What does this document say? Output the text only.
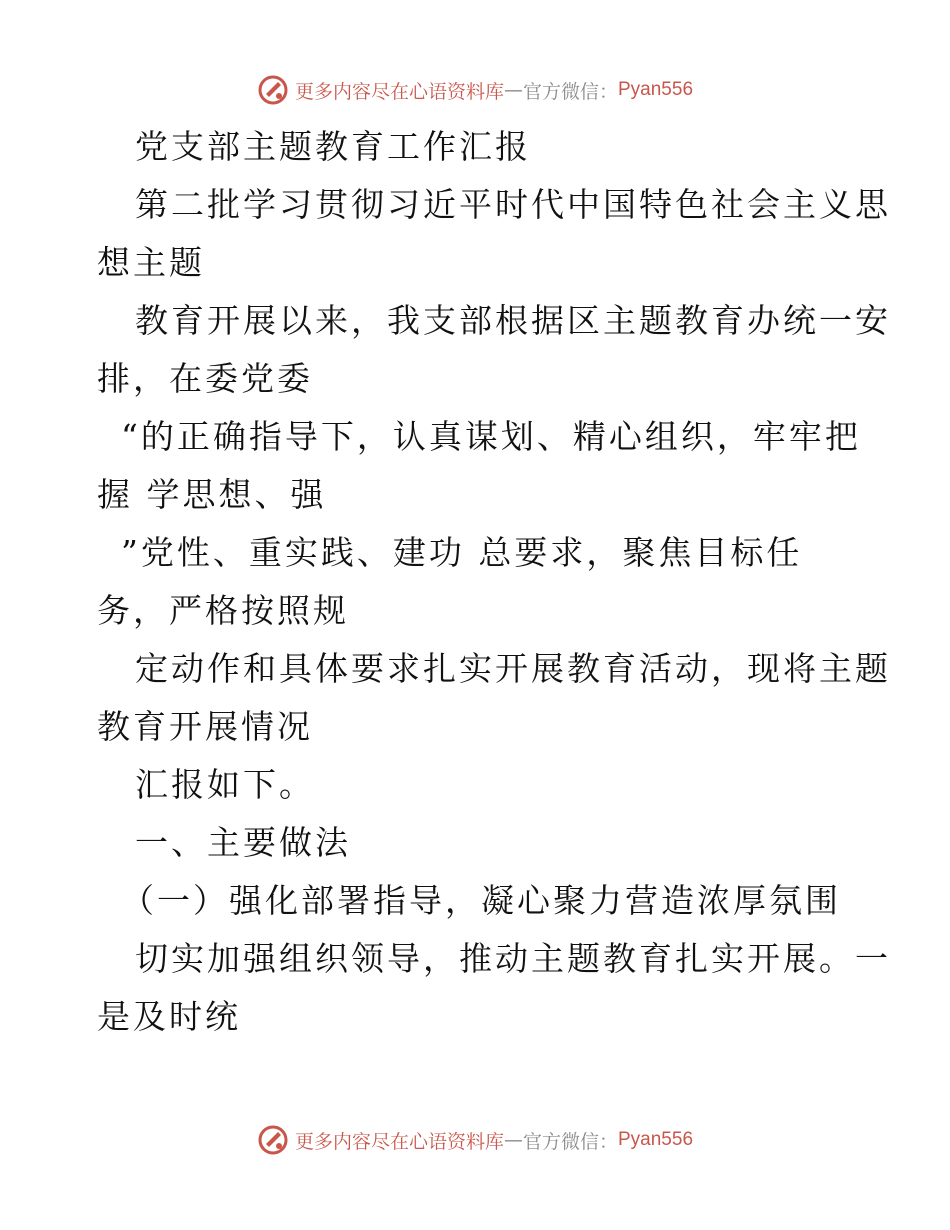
更多内容尽在心语资料库 — 官方微信： Pyan556
党支部主题教育工作汇报
第二批学习贯彻习近平时代中国特色社会主义思
想主题
教育开展以来，我支部根据区主题教育办统一安
排，在委党委
“的正确指导下，认真谋划、精心组织，牢牢把
握 学思想、强
”党性、重实践、建功 总要求，聚焦目标任
务，严格按照规
定动作和具体要求扎实开展教育活动，现将主题
教育开展情况
汇报如下。
一、主要做法
（一）强化部署指导，凝心聚力营造浓厚氛围
切实加强组织领导，推动主题教育扎实开展。一
是及时统
更多内容尽在心语资料库 — 官方微信： Pyan556
